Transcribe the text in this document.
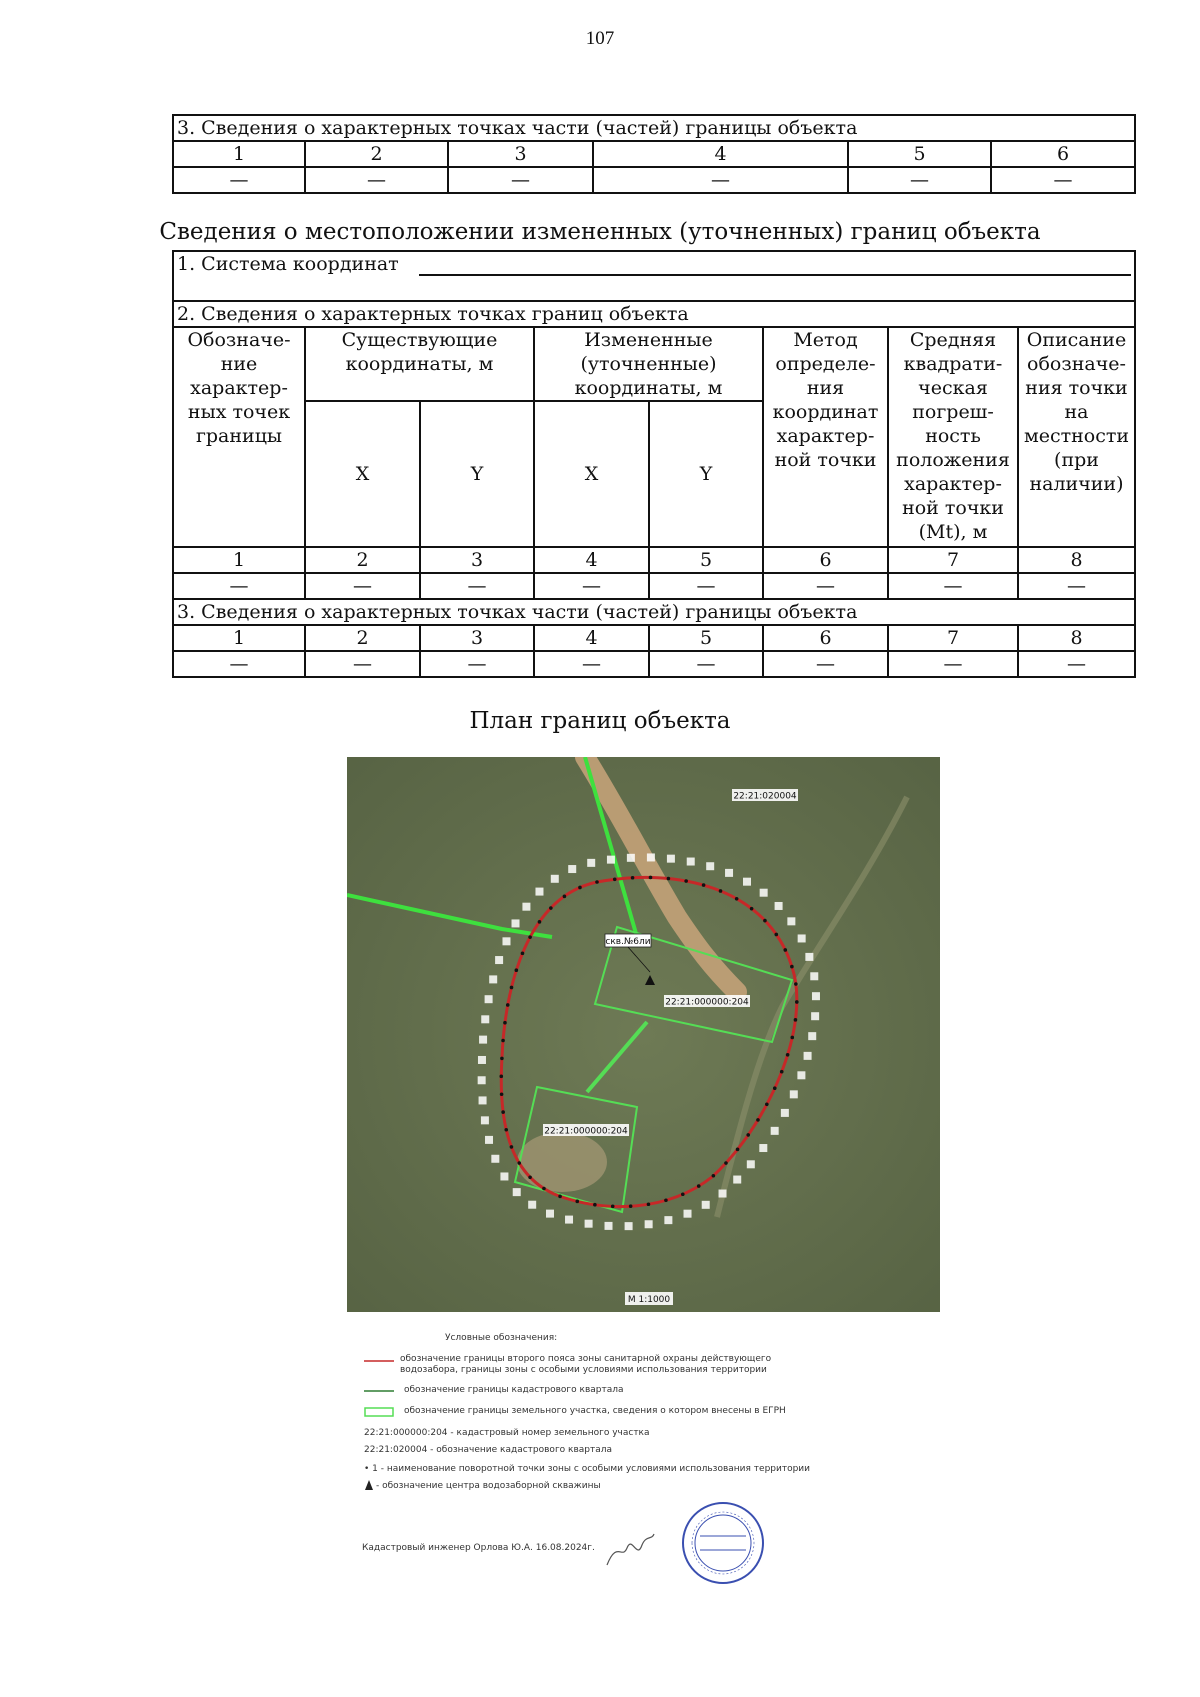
107
3. Сведения о характерных точках части (частей) границы объекта					
1	2	3	4	5	6
—	—	—	—	—	—
Сведения о местоположении измененных (уточненных) границ объекта
1. Система координат							
2. Сведения о характерных точках границ объекта							
Обозначе-ние характер-ных точек границы	Существующие координаты, м		Измененные (уточненные) координаты, м		Метод определе-ния координат характер-ной точки	Средняя квадрати-ческая погреш-ность положения характер-ной точки (Mt), м	Описание обозначе-ния точки на местности (при наличии)
	X	Y	X	Y			
1	2	3	4	5	6	7	8
—	—	—	—	—	—	—	—
3. Сведения о характерных точках части (частей) границы объекта							
1	2	3	4	5	6	7	8
—	—	—	—	—	—	—	—
План границ объекта
скв.№6ли
22:21:020004
22:21:000000:204
22:21:000000:204
М 1:1000
Условные обозначения:
обозначение границы второго пояса зоны санитарной охраны действующего водозабора, границы зоны с особыми условиями использования территории
обозначение границы кадастрового квартала
обозначение границы земельного участка, сведения о котором внесены в ЕГРН
22:21:000000:204 - кадастровый номер земельного участка
22:21:020004 - обозначение кадастрового квартала
• 1 - наименование поворотной точки зоны с особыми условиями использования территории
- обозначение центра водозаборной скважины
Кадастровый инженер Орлова Ю.А. 16.08.2024г.
